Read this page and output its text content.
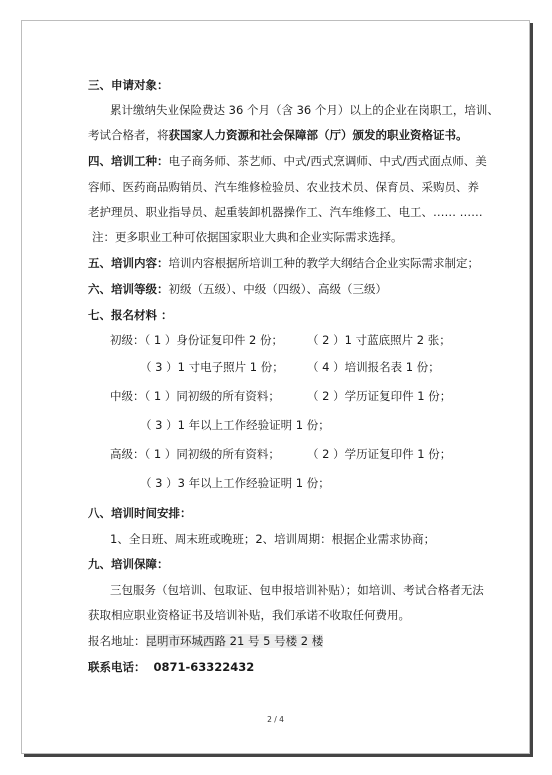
三、申请对象：
累计缴纳失业保险费达 36 个月（含 36 个月）以上的企业在岗职工，培训、
考试合格者，将获国家人力资源和社会保障部（厅）颁发的职业资格证书。
四、培训工种：电子商务师、茶艺师、中式/西式烹调师、中式/西式面点师、美
容师、医药商品购销员、汽车维修检验员、农业技术员、保育员、采购员、养
老护理员、职业指导员、起重装卸机器操作工、汽车维修工、电工、…… ……
注：更多职业工种可依据国家职业大典和企业实际需求选择。
五、培训内容：培训内容根据所培训工种的教学大纲结合企业实际需求制定；
六、培训等级：初级（五级）、中级（四级）、高级（三级）
七、报名材料 ：
初级：（ 1 ）身份证复印件 2 份； （ 2 ）1 寸蓝底照片 2 张；
（ 3 ）1 寸电子照片 1 份； （ 4 ）培训报名表 1 份；
中级：（ 1 ）同初级的所有资料； （ 2 ）学历证复印件 1 份；
（ 3 ）1 年以上工作经验证明 1 份；
高级：（ 1 ）同初级的所有资料； （ 2 ）学历证复印件 1 份；
（ 3 ）3 年以上工作经验证明 1 份；
八、培训时间安排：
1、全日班、周末班或晚班；2、培训周期：根据企业需求协商；
九、培训保障：
三包服务（包培训、包取证、包申报培训补贴）；如培训、考试合格者无法
获取相应职业资格证书及培训补贴，我们承诺不收取任何费用。
报名地址：昆明市环城西路 21 号 5 号楼 2 楼
联系电话： 0871-63322432
2 / 4
